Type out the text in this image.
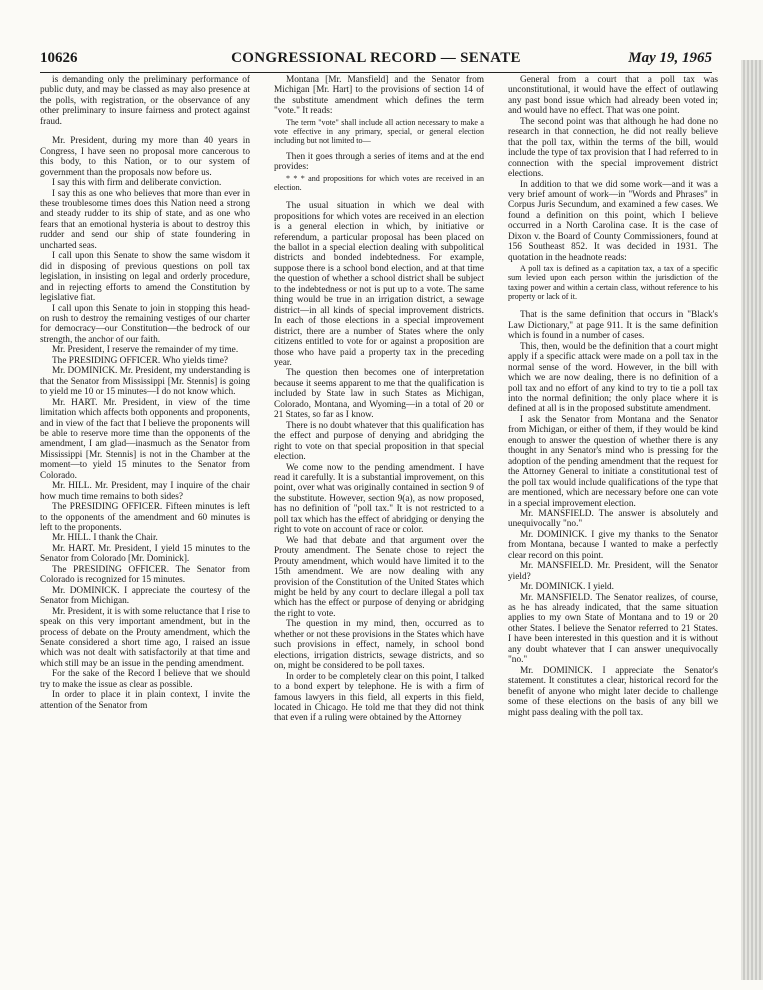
10626	CONGRESSIONAL RECORD — SENATE	May 19, 1965

is demanding only the preliminary performance of public duty, and may be classed as may also presence at the polls, with registration, or the observance of any other preliminary to insure fairness and protect against fraud.

Mr. President, during my more than 40 years in Congress, I have seen no proposal more cancerous to this body, to this Nation, or to our system of government than the proposals now before us.

I say this with firm and deliberate conviction.

I say this as one who believes that more than ever in these troublesome times does this Nation need a strong and steady rudder to its ship of state, and as one who fears that an emotional hysteria is about to destroy this rudder and send our ship of state foundering in uncharted seas.

I call upon this Senate to show the same wisdom it did in disposing of previous questions on poll tax legislation, in insisting on legal and orderly procedure, and in rejecting efforts to amend the Constitution by legislative fiat.

I call upon this Senate to join in stopping this head-on rush to destroy the remaining vestiges of our charter for democracy—our Constitution—the bedrock of our strength, the anchor of our faith.

Mr. President, I reserve the remainder of my time.

The PRESIDING OFFICER. Who yields time?

Mr. DOMINICK. Mr. President, my understanding is that the Senator from Mississippi [Mr. Stennis] is going to yield me 10 or 15 minutes—I do not know which.

Mr. HART. Mr. President, in view of the time limitation which affects both opponents and proponents, and in view of the fact that I believe the proponents will be able to reserve more time than the opponents of the amendment, I am glad—inasmuch as the Senator from Mississippi [Mr. Stennis] is not in the Chamber at the moment—to yield 15 minutes to the Senator from Colorado.

Mr. HILL. Mr. President, may I inquire of the chair how much time remains to both sides?

The PRESIDING OFFICER. Fifteen minutes is left to the opponents of the amendment and 60 minutes is left to the proponents.

Mr. HILL. I thank the Chair.

Mr. HART. Mr. President, I yield 15 minutes to the Senator from Colorado [Mr. Dominick].

The PRESIDING OFFICER. The Senator from Colorado is recognized for 15 minutes.

Mr. DOMINICK. I appreciate the courtesy of the Senator from Michigan.

Mr. President, it is with some reluctance that I rise to speak on this very important amendment, but in the process of debate on the Prouty amendment, which the Senate considered a short time ago, I raised an issue which was not dealt with satisfactorily at that time and which still may be an issue in the pending amendment.

For the sake of the Record I believe that we should try to make the issue as clear as possible.

In order to place it in plain context, I invite the attention of the Senator from

Montana [Mr. Mansfield] and the Senator from Michigan [Mr. Hart] to the provisions of section 14 of the substitute amendment which defines the term "vote." It reads:

The term "vote" shall include all action necessary to make a vote effective in any primary, special, or general election including but not limited to—

Then it goes through a series of items and at the end provides:

* * * and propositions for which votes are received in an election.

The usual situation in which we deal with propositions for which votes are received in an election is a general election in which, by initiative or referendum, a particular proposal has been placed on the ballot in a special election dealing with subpolitical districts and bonded indebtedness. For example, suppose there is a school bond election, and at that time the question of whether a school district shall be subject to the indebtedness or not is put up to a vote. The same thing would be true in an irrigation district, a sewage district—in all kinds of special improvement districts. In each of those elections in a special improvement district, there are a number of States where the only citizens entitled to vote for or against a proposition are those who have paid a property tax in the preceding year.

The question then becomes one of interpretation because it seems apparent to me that the qualification is included by State law in such States as Michigan, Colorado, Montana, and Wyoming—in a total of 20 or 21 States, so far as I know.

There is no doubt whatever that this qualification has the effect and purpose of denying and abridging the right to vote on that special proposition in that special election.

We come now to the pending amendment. I have read it carefully. It is a substantial improvement, on this point, over what was originally contained in section 9 of the substitute. However, section 9(a), as now proposed, has no definition of "poll tax." It is not restricted to a poll tax which has the effect of abridging or denying the right to vote on account of race or color.

We had that debate and that argument over the Prouty amendment. The Senate chose to reject the Prouty amendment, which would have limited it to the 15th amendment. We are now dealing with any provision of the Constitution of the United States which might be held by any court to declare illegal a poll tax which has the effect or purpose of denying or abridging the right to vote.

The question in my mind, then, occurred as to whether or not these provisions in the States which have such provisions in effect, namely, in school bond elections, irrigation districts, sewage districts, and so on, might be considered to be poll taxes.

In order to be completely clear on this point, I talked to a bond expert by telephone. He is with a firm of famous lawyers in this field, all experts in this field, located in Chicago. He told me that they did not think that even if a ruling were obtained by the Attorney

General from a court that a poll tax was unconstitutional, it would have the effect of outlawing any past bond issue which had already been voted in; and would have no effect. That was one point.

The second point was that although he had done no research in that connection, he did not really believe that the poll tax, within the terms of the bill, would include the type of tax provision that I had referred to in connection with the special improvement district elections.

In addition to that we did some work—and it was a very brief amount of work—in "Words and Phrases" in Corpus Juris Secundum, and examined a few cases. We found a definition on this point, which I believe occurred in a North Carolina case. It is the case of Dixon v. the Board of County Commissioners, found at 156 Southeast 852. It was decided in 1931. The quotation in the headnote reads:

A poll tax is defined as a capitation tax, a tax of a specific sum levied upon each person within the jurisdiction of the taxing power and within a certain class, without reference to his property or lack of it.

That is the same definition that occurs in "Black's Law Dictionary," at page 911. It is the same definition which is found in a number of cases.

This, then, would be the definition that a court might apply if a specific attack were made on a poll tax in the normal sense of the word. However, in the bill with which we are now dealing, there is no definition of a poll tax and no effort of any kind to try to tie a poll tax into the normal definition; the only place where it is defined at all is in the proposed substitute amendment.

I ask the Senator from Montana and the Senator from Michigan, or either of them, if they would be kind enough to answer the question of whether there is any thought in any Senator's mind who is pressing for the adoption of the pending amendment that the request for the Attorney General to initiate a constitutional test of the poll tax would include qualifications of the type that are mentioned, which are necessary before one can vote in a special improvement election.

Mr. MANSFIELD. The answer is absolutely and unequivocally "no."

Mr. DOMINICK. I give my thanks to the Senator from Montana, because I wanted to make a perfectly clear record on this point.

Mr. MANSFIELD. Mr. President, will the Senator yield?

Mr. DOMINICK. I yield.

Mr. MANSFIELD. The Senator realizes, of course, as he has already indicated, that the same situation applies to my own State of Montana and to 19 or 20 other States. I believe the Senator referred to 21 States. I have been interested in this question and it is without any doubt whatever that I can answer unequivocally "no."

Mr. DOMINICK. I appreciate the Senator's statement. It constitutes a clear, historical record for the benefit of anyone who might later decide to challenge some of these elections on the basis of any bill we might pass dealing with the poll tax.
